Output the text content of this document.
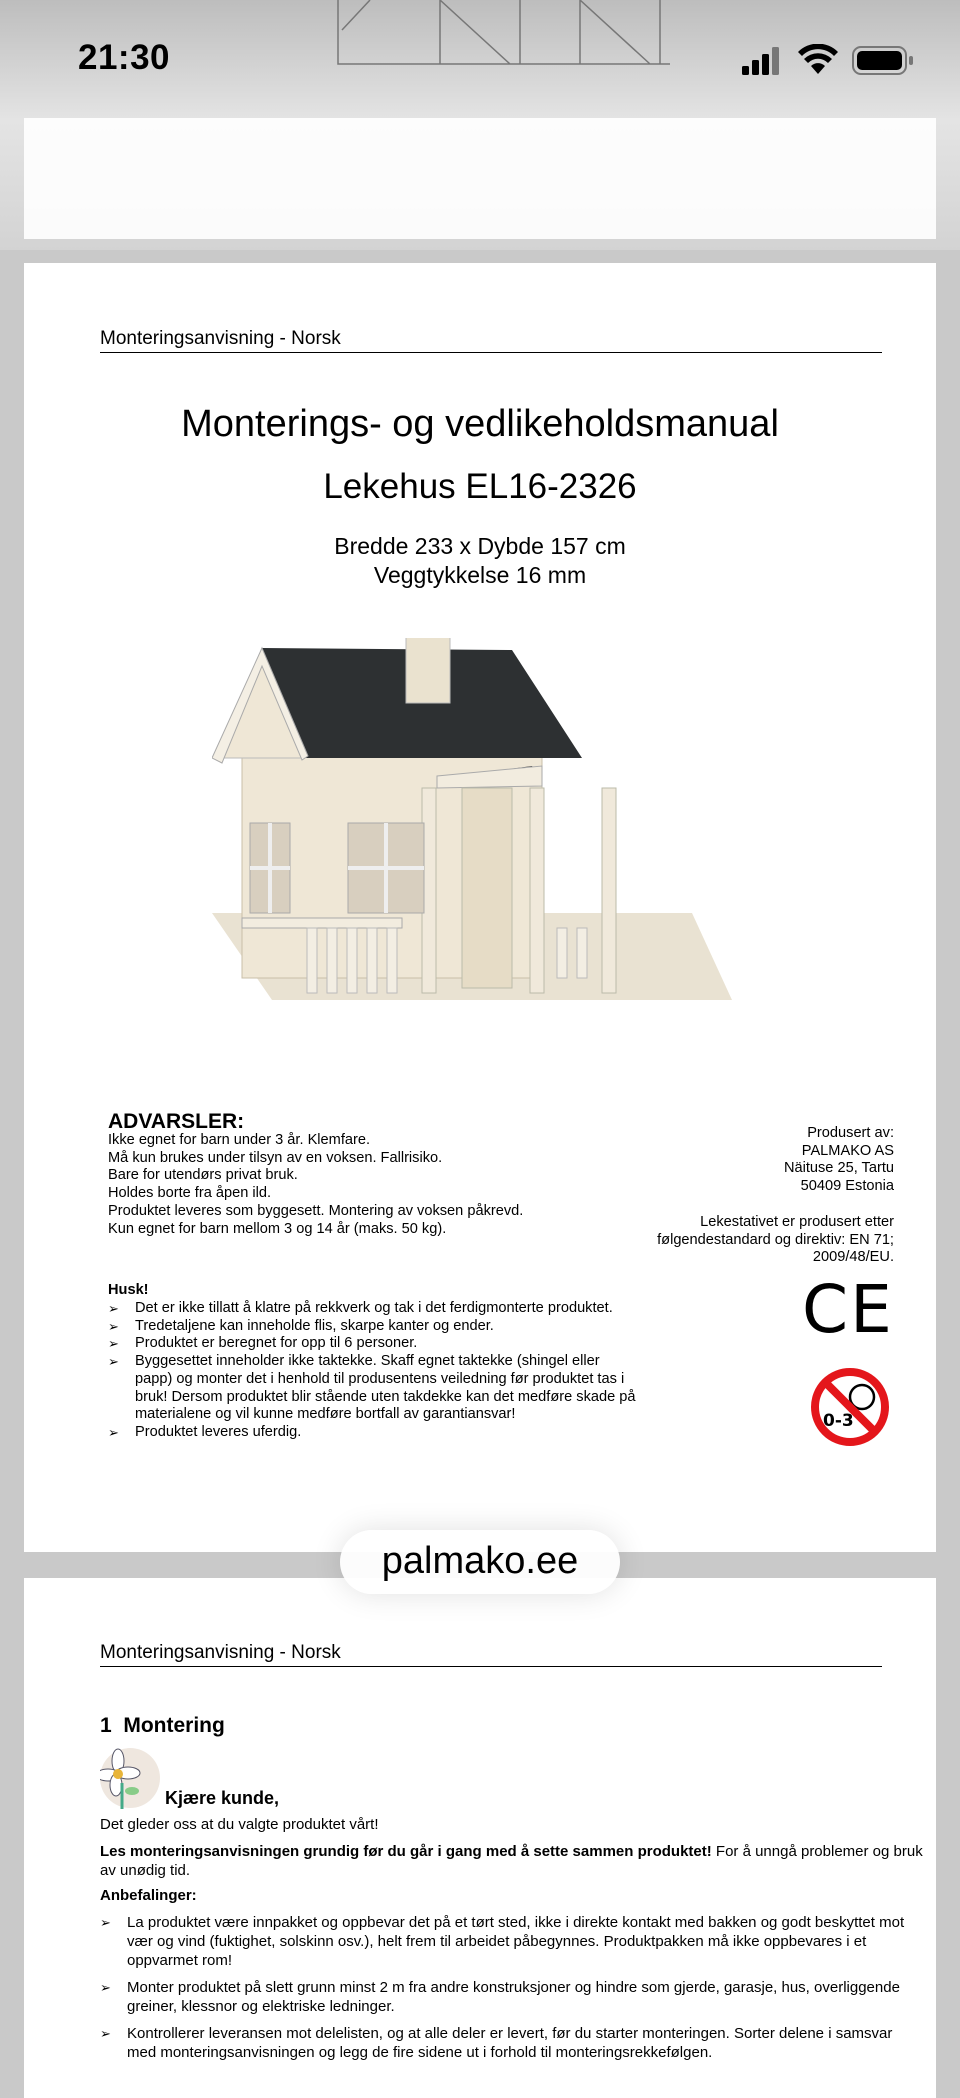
21:30
Monteringsanvisning - Norsk
Monterings- og vedlikeholdsmanual
Lekehus EL16-2326
Bredde 233 x Dybde 157 cm
Veggtykkelse 16 mm
ADVARSLER:
Ikke egnet for barn under 3 år. Klemfare.
Må kun brukes under tilsyn av en voksen. Fallrisiko.
Bare for utendørs privat bruk.
Holdes borte fra åpen ild.
Produktet leveres som byggesett. Montering av voksen påkrevd.
Kun egnet for barn mellom 3 og 14 år (maks. 50 kg).
Produsert av:
PALMAKO AS
Näituse 25, Tartu
50409 Estonia
Lekestativet er produsert etter
følgendestandard og direktiv: EN 71;
2009/48/EU.
CE
0-3
Husk!
➢ Det er ikke tillatt å klatre på rekkverk og tak i det ferdigmonterte produktet.
➢ Tredetaljene kan inneholde flis, skarpe kanter og ender.
➢ Produktet er beregnet for opp til 6 personer.
➢ Byggesettet inneholder ikke taktekke. Skaff egnet taktekke (shingel eller papp) og monter det i henhold til produsentens veiledning før produktet tas i bruk! Dersom produktet blir stående uten takdekke kan det medføre skade på materialene og vil kunne medføre bortfall av garantiansvar!
➢ Produktet leveres uferdig.
Monteringsanvisning - Norsk
1  Montering
Kjære kunde,
Det gleder oss at du valgte produktet vårt!
Les monteringsanvisningen grundig før du går i gang med å sette sammen produktet! For å unngå problemer og bruk av unødig tid.
Anbefalinger:
➢ La produktet være innpakket og oppbevar det på et tørt sted, ikke i direkte kontakt med bakken og godt beskyttet mot vær og vind (fuktighet, solskinn osv.), helt frem til arbeidet påbegynnes. Produktpakken må ikke oppbevares i et oppvarmet rom!
➢ Monter produktet på slett grunn minst 2 m fra andre konstruksjoner og hindre som gjerde, garasje, hus, overliggende greiner, klessnor og elektriske ledninger.
➢ Kontrollerer leveransen mot delelisten, og at alle deler er levert, før du starter monteringen. Sorter delene i samsvar med monteringsanvisningen og legg de fire sidene ut i forhold til monteringsrekkefølgen.
palmako.ee
